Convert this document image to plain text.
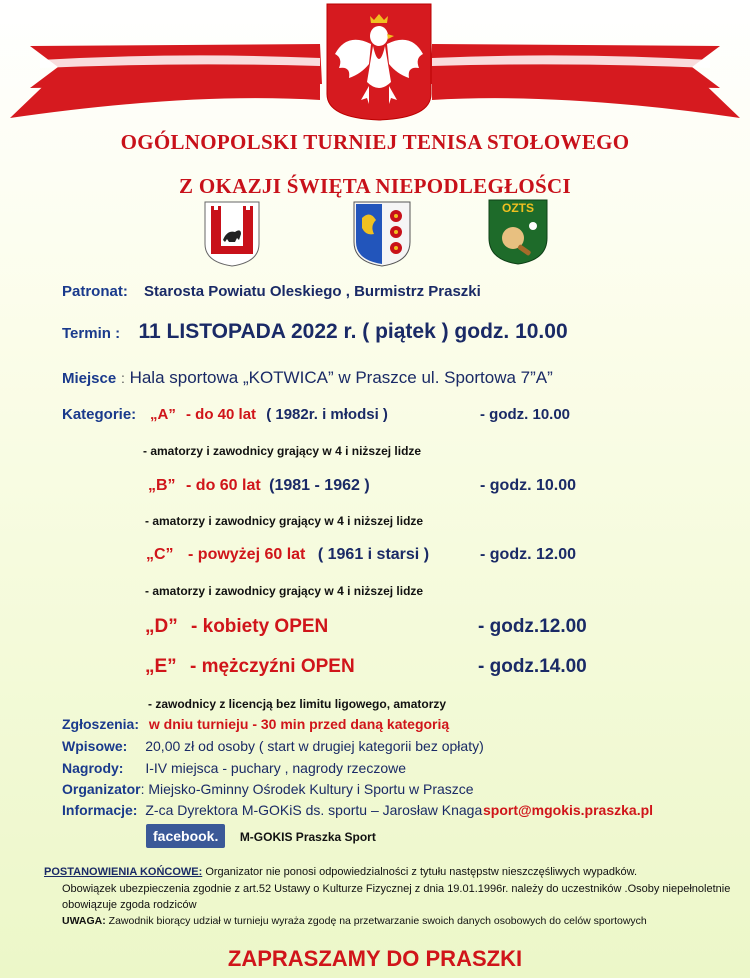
OGÓLNOPOLSKI TURNIEJ TENISA STOŁOWEGO
Z OKAZJI ŚWIĘTA NIEPODLEGŁOŚCI
OZTS
Patronat: Starosta Powiatu Oleskiego , Burmistrz Praszki
Termin : 11 LISTOPADA 2022 r. ( piątek ) godz. 10.00
Miejsce : Hala sportowa „KOTWICA” w Praszce ul. Sportowa 7”A”
Kategorie: „A” - do 40 lat ( 1982r. i młodsi )	- godz. 10.00
- amatorzy i zawodnicy grający w 4 i niższej lidze
„B” - do 60 lat (1981 - 1962 )	- godz. 10.00
- amatorzy i zawodnicy grający w 4 i niższej lidze
„C” - powyżej 60 lat ( 1961 i starsi )	- godz. 12.00
- amatorzy i zawodnicy grający w 4 i niższej lidze
„D” - kobiety OPEN	- godz.12.00
„E” - mężczyźni OPEN	- godz.14.00
- zawodnicy z licencją bez limitu ligowego, amatorzy
Zgłoszenia: w dniu turnieju - 30 min przed daną kategorią
Wpisowe: 20,00 zł od osoby ( start w drugiej kategorii bez opłaty)
Nagrody: I-IV miejsca - puchary , nagrody rzeczowe
Organizator: Miejsko-Gminny Ośrodek Kultury i Sportu w Praszce
Informacje: Z-ca Dyrektora M-GOKiS ds. sportu – Jarosław Knaga sport@mgokis.praszka.pl
facebook. M-GOKIS Praszka Sport
POSTANOWIENIA KOŃCOWE: Organizator nie ponosi odpowiedzialności z tytułu następstw nieszczęśliwych wypadków.
Obowiązek ubezpieczenia zgodnie z art.52 Ustawy o Kulturze Fizycznej z dnia 19.01.1996r. należy do uczestników .Osoby niepełnoletnie
obowiązuje zgoda rodziców
UWAGA: Zawodnik biorący udział w turnieju wyraża zgodę na przetwarzanie swoich danych osobowych do celów sportowych
ZAPRASZAMY DO PRASZKI
